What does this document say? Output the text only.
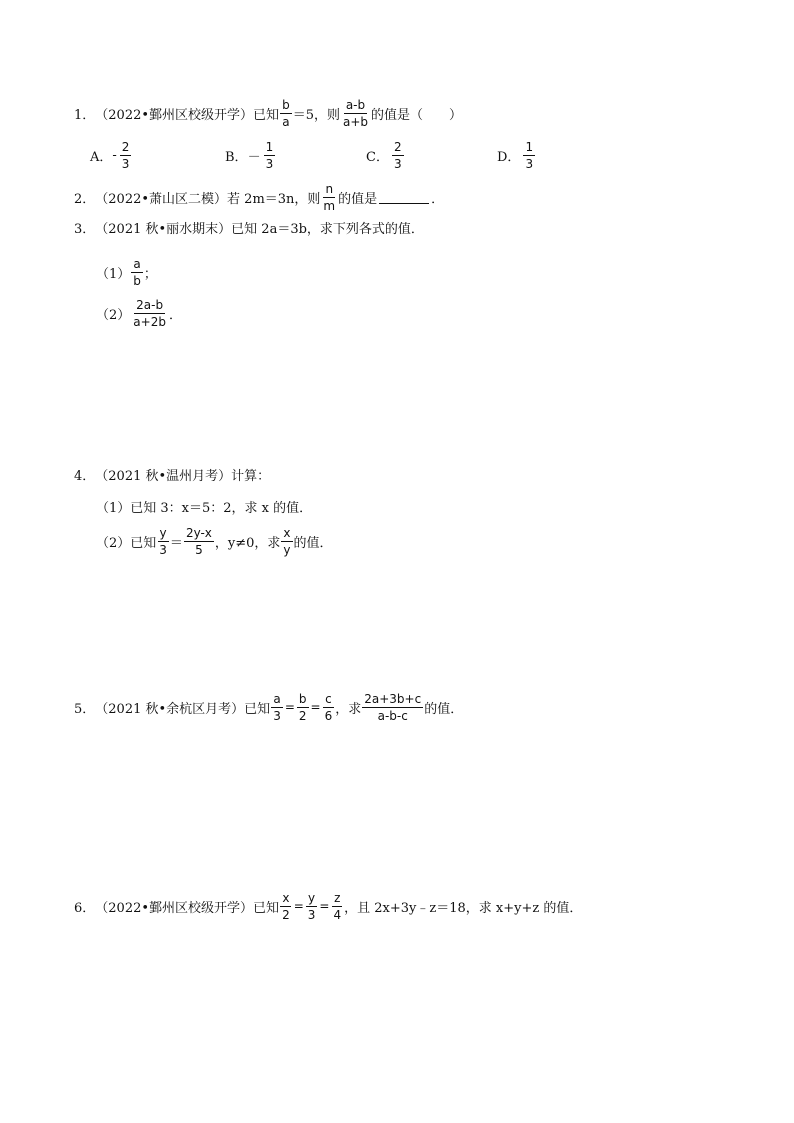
1． （2022•鄞州区校级开学） 已知 $\frac{b}{a} =5$，则 $\frac{a-b}{a+b}$ 的值是（　　）
A． - $\frac{2}{3}$	B． － $\frac{1}{3}$	C． $\frac{2}{3}$	D． $\frac{1}{3}$
2． （2022•萧山区二模） 若 2m＝3n，则 $\frac{n}{m}$ 的值是	．
3． （2021 秋•丽水期末） 已知 2a＝3b，求下列各式的值．
$(1) \frac{a}{b}$ ；
$(2) \frac{2a-b}{a+2b}$ ．
4． （2021 秋•温州月考） 计算：
（1）已知 3：x＝5：2，求 x 的值．
（2）已知 $\frac{y}{3} = \frac{2y-x}{5}$ ，y≠0，求 $\frac{x}{y}$ 的值．
5． （2021 秋•余杭区月考） 已知 $\frac{a}{3} = \frac{b}{2} = \frac{c}{6}$ ，求 $\frac{2a+3b+c}{a-b-c}$ 的值．
6． （2022•鄞州区校级开学） 已知 $\frac{x}{2} = \frac{y}{3} = \frac{z}{4}$ ，且 2x+3y﹣z＝18，求 x+y+z 的值．
